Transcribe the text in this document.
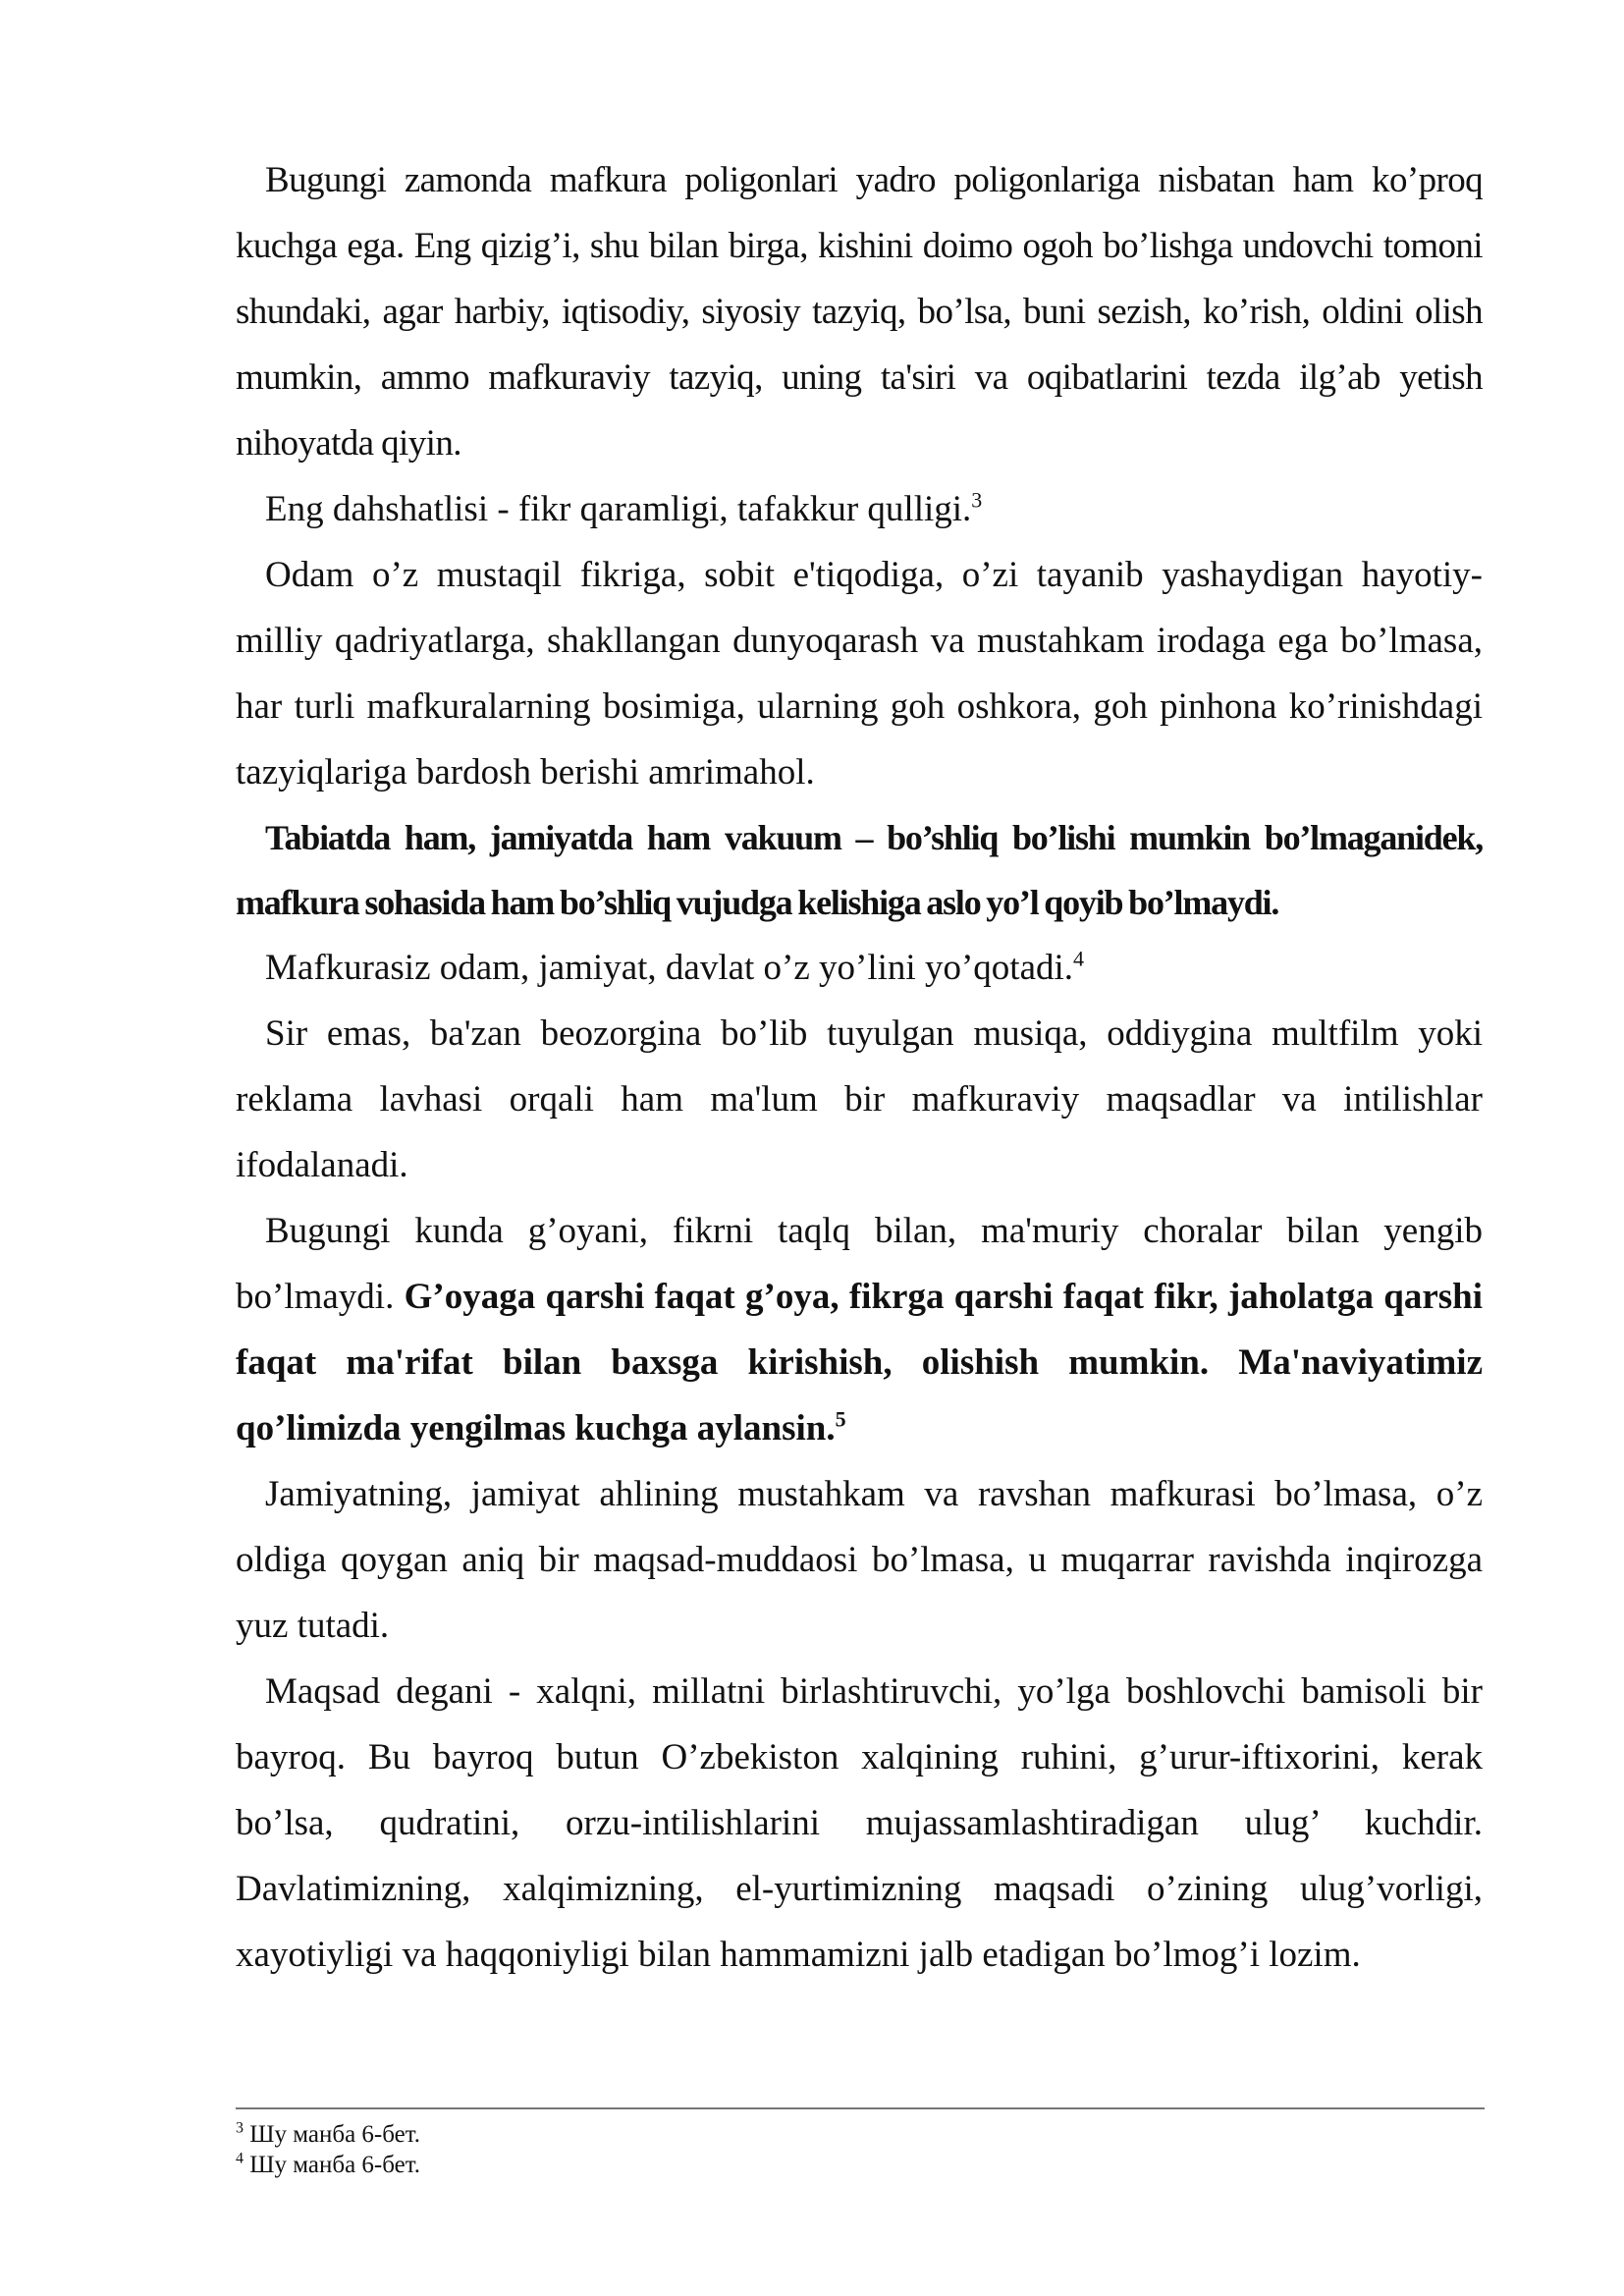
Bugungi zamonda mafkura poligonlari yadro poligonlariga nisbatan ham ko’proq kuchga ega. Eng qizig’i, shu bilan birga, kishini doimo ogoh bo’lishga undovchi tomoni shundaki, agar harbiy, iqtisodiy, siyosiy tazyiq, bo’lsa, buni sezish, ko’rish, oldini olish mumkin, ammo mafkuraviy tazyiq, uning ta'siri va oqibatlarini tezda ilg’ab yetish nihoyatda qiyin.

Eng dahshatlisi - fikr qaramligi, tafakkur qulligi.$^3$

Odam o’z mustaqil fikriga, sobit e'tiqodiga, o’zi tayanib yashaydigan hayotiy-milliy qadriyatlarga, shakllangan dunyoqarash va mustahkam irodaga ega bo’lmasa, har turli mafkuralarning bosimiga, ularning goh oshkora, goh pinhona ko’rinishdagi tazyiqlariga bardosh berishi amrimahol.

Tabiatda ham, jamiyatda ham vakuum – bo’shliq bo’lishi mumkin bo’lmaganidek, mafkura sohasida ham bo’shliq vujudga kelishiga aslo yo’l qoyib bo’lmaydi.

Mafkurasiz odam, jamiyat, davlat o’z yo’lini yo’qotadi.$^4$

Sir emas, ba'zan beozorgina bo’lib tuyulgan musiqa, oddiygina multfilm yoki reklama lavhasi orqali ham ma'lum bir mafkuraviy maqsadlar va intilishlar ifodalanadi.

Bugungi kunda g’oyani, fikrni taqlq bilan, ma'muriy choralar bilan yengib bo’lmaydi. G’oyaga qarshi faqat g’oya, fikrga qarshi faqat fikr, jaholatga qarshi faqat ma'rifat bilan baxsga kirishish, olishish mumkin. Ma'naviyatimiz qo’limizda yengilmas kuchga aylansin.$^5$

Jamiyatning, jamiyat ahlining mustahkam va ravshan mafkurasi bo’lmasa, o’z oldiga qoygan aniq bir maqsad-muddaosi bo’lmasa, u muqarrar ravishda inqirozga yuz tutadi.

Maqsad degani - xalqni, millatni birlashtiruvchi, yo’lga boshlovchi bamisoli bir bayroq. Bu bayroq butun O’zbekiston xalqining ruhini, g’urur-iftixorini, kerak bo’lsa, qudratini, orzu-intilishlarini mujassamlashtiradigan ulug’ kuchdir. Davlatimizning, xalqimizning, el-yurtimizning maqsadi o’zining ulug’vorligi, xayotiyligi va haqqoniyligi bilan hammamizni jalb etadigan bo’lmog’i lozim.

$^3$ Шу манба 6-бет.

$^4$ Шу манба 6-бет.
